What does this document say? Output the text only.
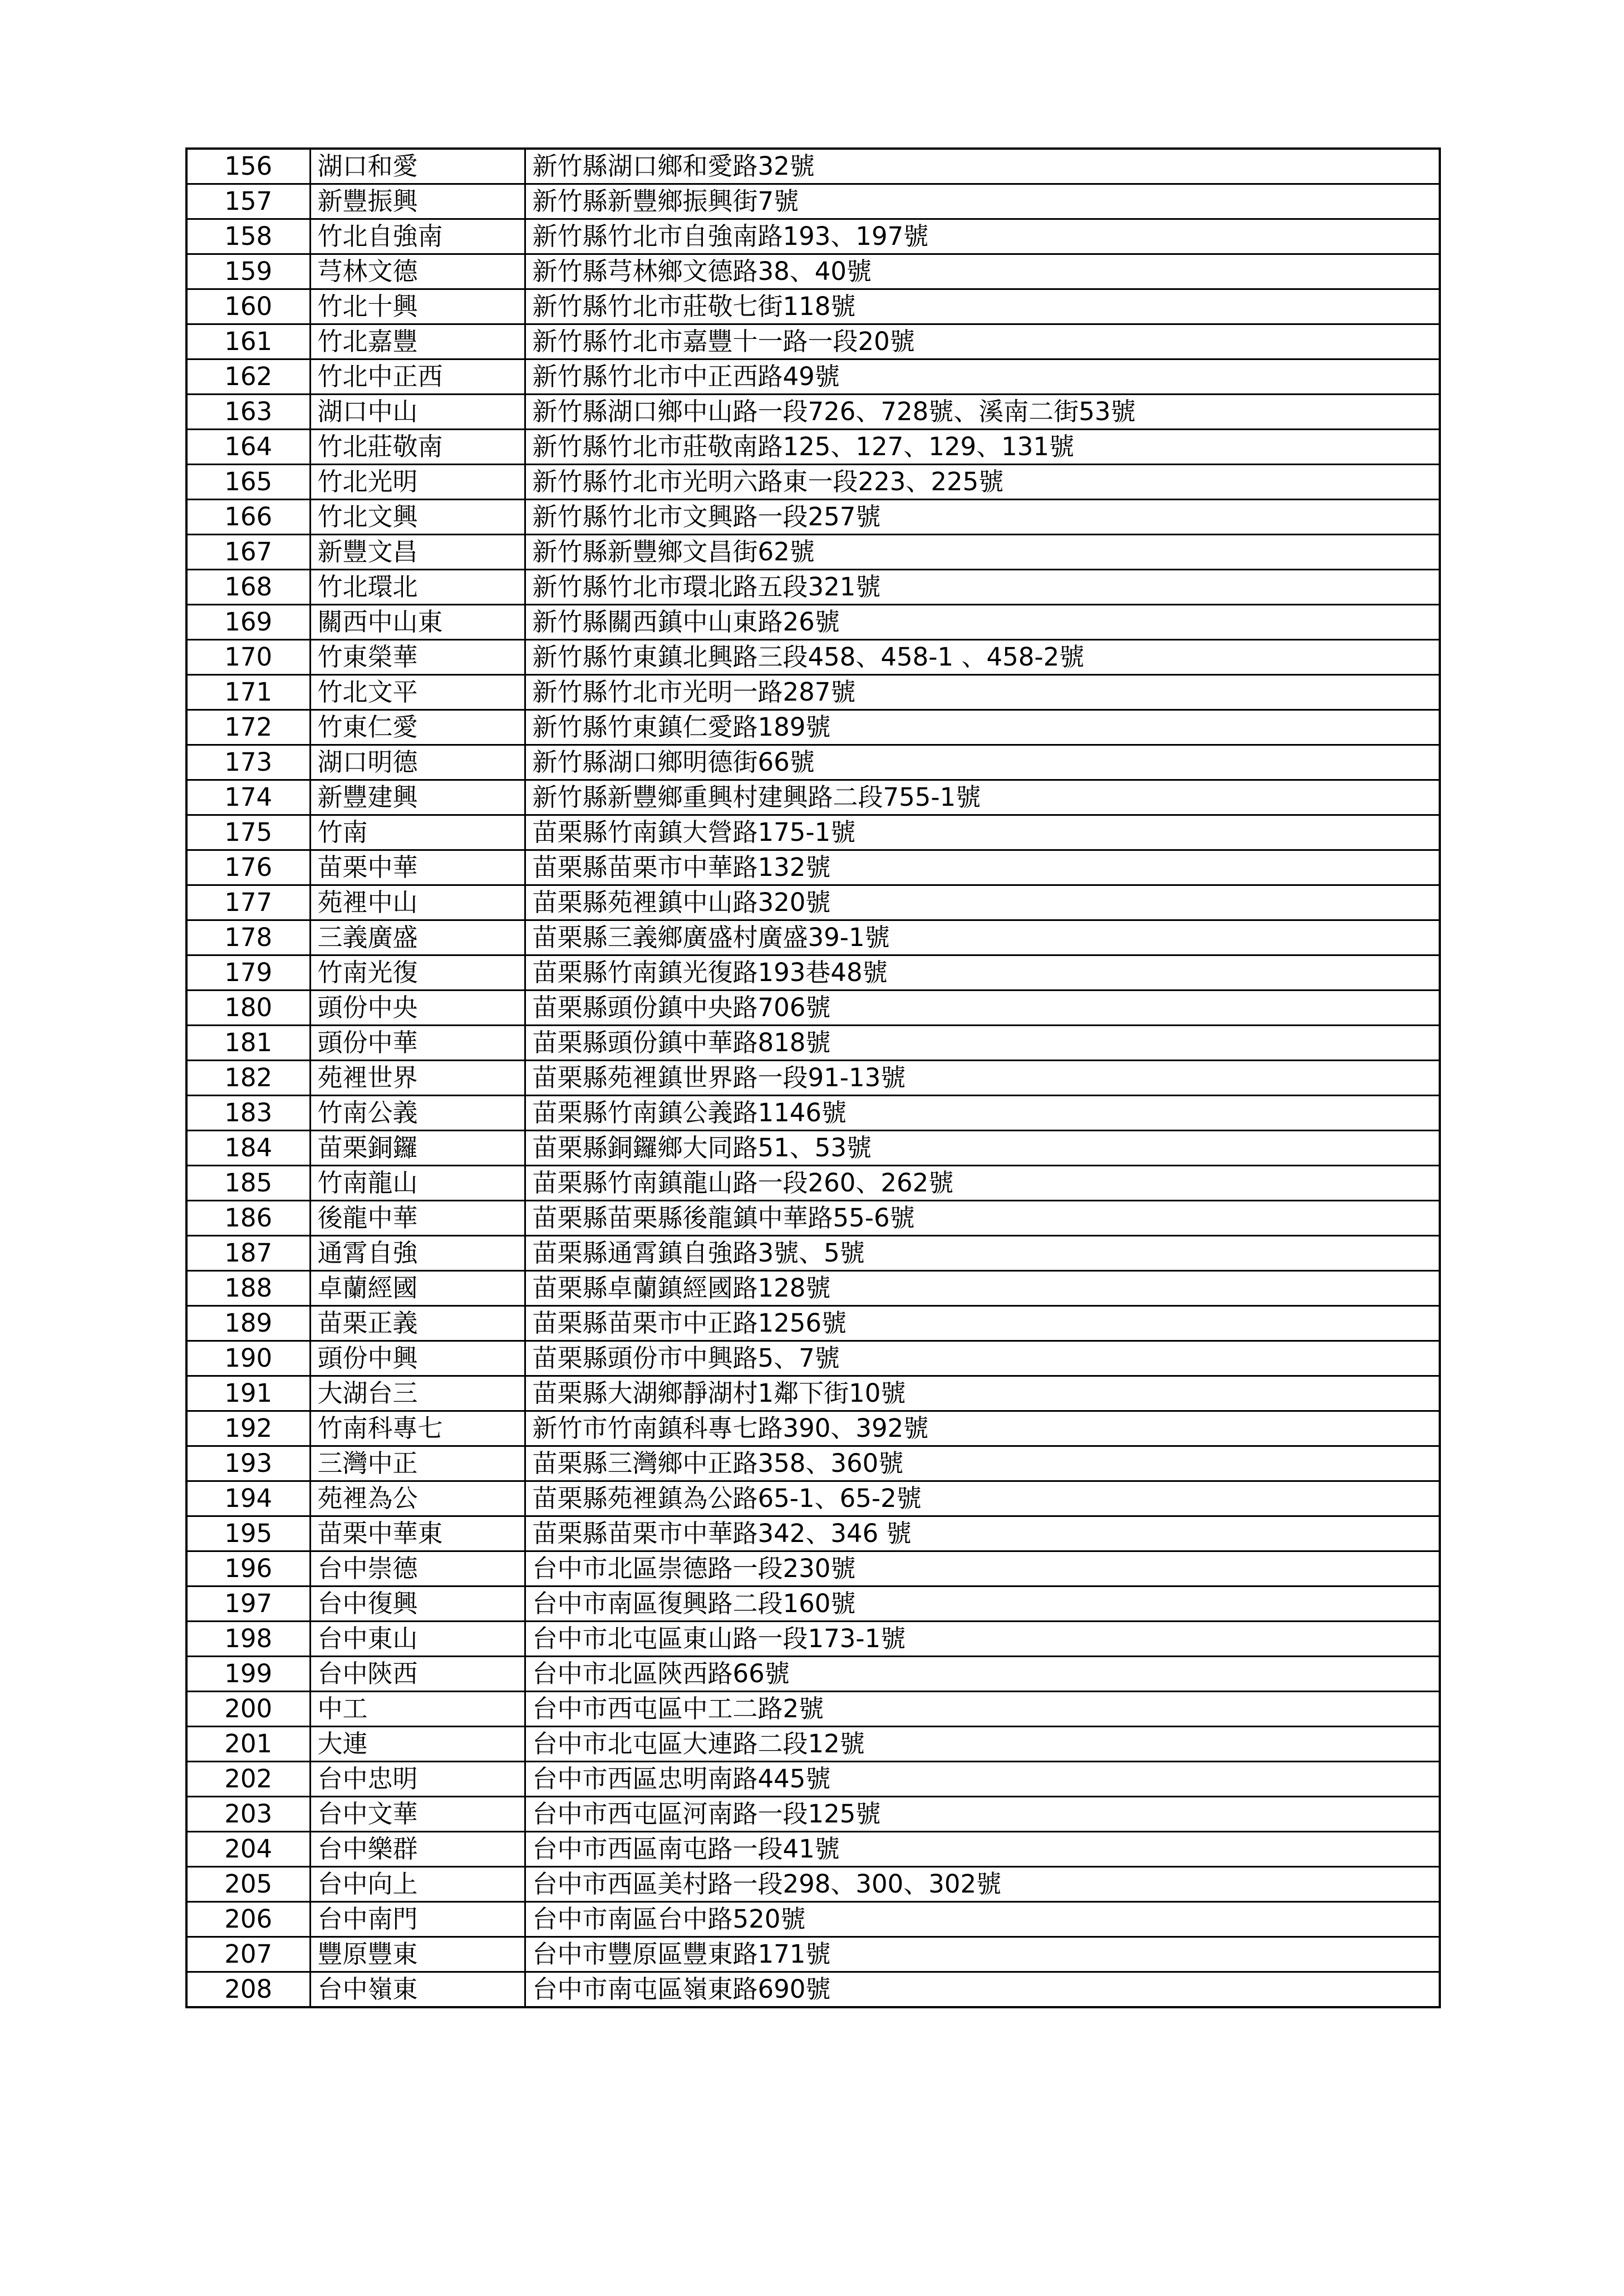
156	湖口和愛	新竹縣湖口鄉和愛路32號
157	新豐振興	新竹縣新豐鄉振興街7號
158	竹北自強南	新竹縣竹北市自強南路193、197號
159	芎林文德	新竹縣芎林鄉文德路38、40號
160	竹北十興	新竹縣竹北市莊敬七街118號
161	竹北嘉豐	新竹縣竹北市嘉豐十一路一段20號
162	竹北中正西	新竹縣竹北市中正西路49號
163	湖口中山	新竹縣湖口鄉中山路一段726、728號、溪南二街53號
164	竹北莊敬南	新竹縣竹北市莊敬南路125、127、129、131號
165	竹北光明	新竹縣竹北市光明六路東一段223、225號
166	竹北文興	新竹縣竹北市文興路一段257號
167	新豐文昌	新竹縣新豐鄉文昌街62號
168	竹北環北	新竹縣竹北市環北路五段321號
169	關西中山東	新竹縣關西鎮中山東路26號
170	竹東榮華	新竹縣竹東鎮北興路三段458、458-1 、458-2號
171	竹北文平	新竹縣竹北市光明一路287號
172	竹東仁愛	新竹縣竹東鎮仁愛路189號
173	湖口明德	新竹縣湖口鄉明德街66號
174	新豐建興	新竹縣新豐鄉重興村建興路二段755-1號
175	竹南	苗栗縣竹南鎮大營路175-1號
176	苗栗中華	苗栗縣苗栗市中華路132號
177	苑裡中山	苗栗縣苑裡鎮中山路320號
178	三義廣盛	苗栗縣三義鄉廣盛村廣盛39-1號
179	竹南光復	苗栗縣竹南鎮光復路193巷48號
180	頭份中央	苗栗縣頭份鎮中央路706號
181	頭份中華	苗栗縣頭份鎮中華路818號
182	苑裡世界	苗栗縣苑裡鎮世界路一段91-13號
183	竹南公義	苗栗縣竹南鎮公義路1146號
184	苗栗銅鑼	苗栗縣銅鑼鄉大同路51、53號
185	竹南龍山	苗栗縣竹南鎮龍山路一段260、262號
186	後龍中華	苗栗縣苗栗縣後龍鎮中華路55-6號
187	通霄自強	苗栗縣通霄鎮自強路3號、5號
188	卓蘭經國	苗栗縣卓蘭鎮經國路128號
189	苗栗正義	苗栗縣苗栗市中正路1256號
190	頭份中興	苗栗縣頭份市中興路5、7號
191	大湖台三	苗栗縣大湖鄉靜湖村1鄰下街10號
192	竹南科專七	新竹市竹南鎮科專七路390、392號
193	三灣中正	苗栗縣三灣鄉中正路358、360號
194	苑裡為公	苗栗縣苑裡鎮為公路65-1、65-2號
195	苗栗中華東	苗栗縣苗栗市中華路342、346 號
196	台中崇德	台中市北區崇德路一段230號
197	台中復興	台中市南區復興路二段160號
198	台中東山	台中市北屯區東山路一段173-1號
199	台中陝西	台中市北區陝西路66號
200	中工	台中市西屯區中工二路2號
201	大連	台中市北屯區大連路二段12號
202	台中忠明	台中市西區忠明南路445號
203	台中文華	台中市西屯區河南路一段125號
204	台中樂群	台中市西區南屯路一段41號
205	台中向上	台中市西區美村路一段298、300、302號
206	台中南門	台中市南區台中路520號
207	豐原豐東	台中市豐原區豐東路171號
208	台中嶺東	台中市南屯區嶺東路690號
